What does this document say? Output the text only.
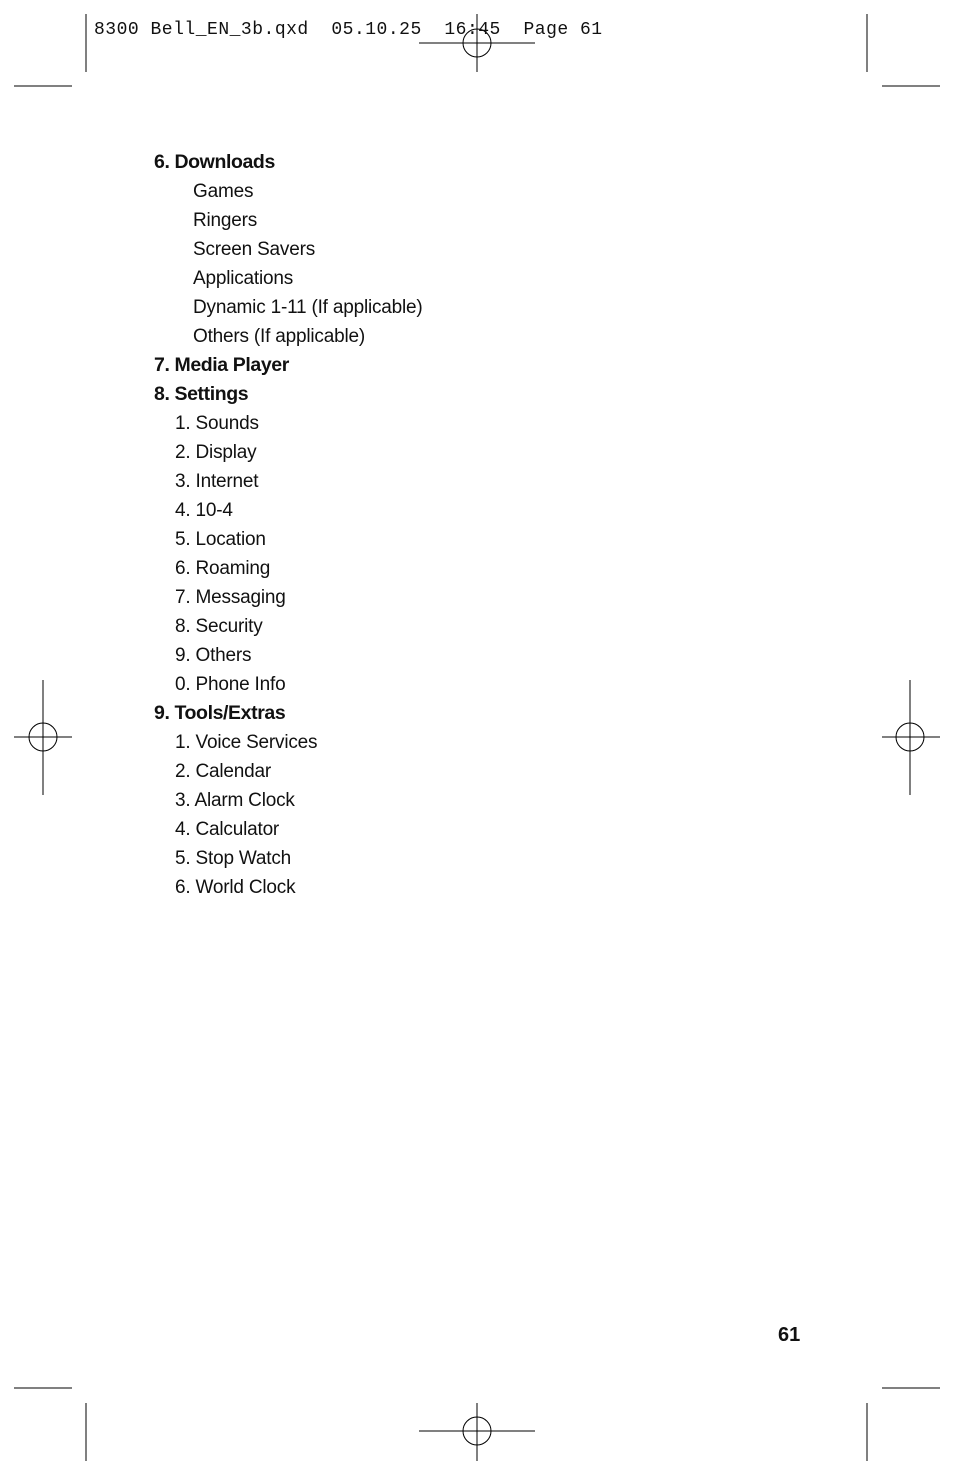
8300 Bell_EN_3b.qxd  05.10.25  16:45  Page 61
6. Downloads
Games
Ringers
Screen Savers
Applications
Dynamic 1-11 (If applicable)
Others (If applicable)
7. Media Player
8. Settings
1. Sounds
2. Display
3. Internet
4. 10-4
5. Location
6. Roaming
7. Messaging
8. Security
9. Others
0. Phone Info
9. Tools/Extras
1. Voice Services
2. Calendar
3. Alarm Clock
4. Calculator
5. Stop Watch
6. World Clock
61
